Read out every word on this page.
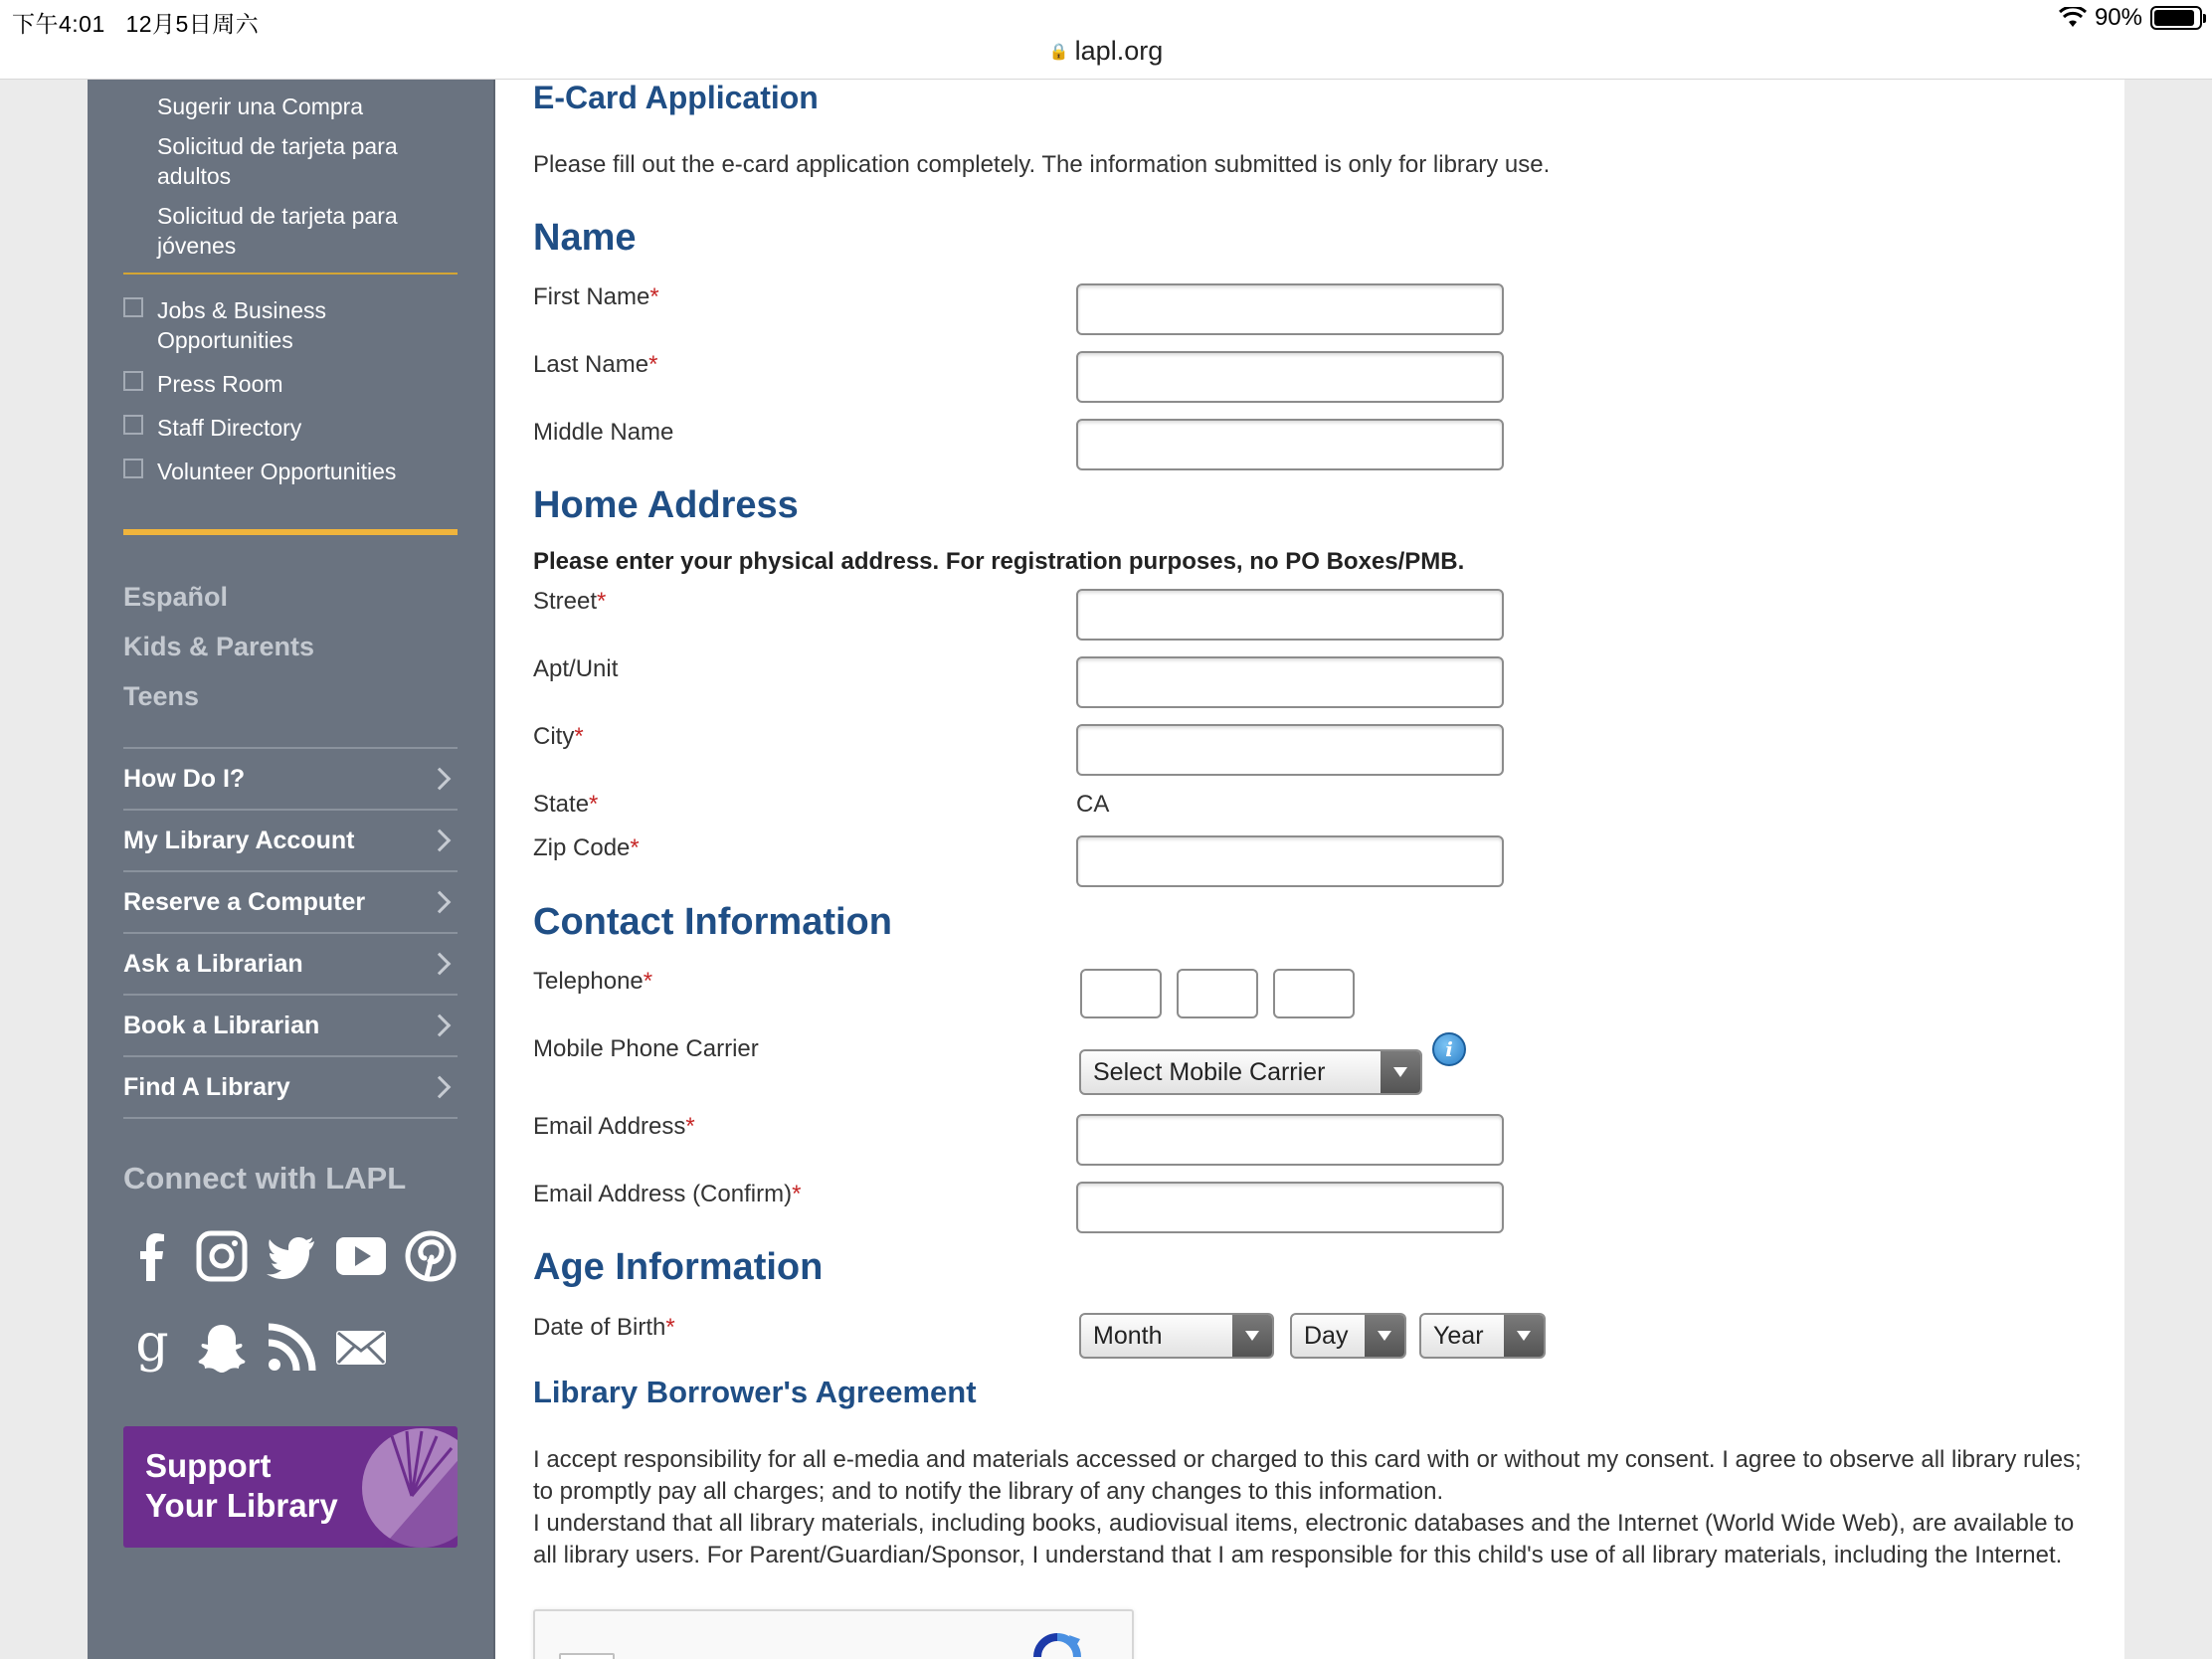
下午4:01 12月5日周六	90%
🔒 lapl.org
Sugerir una Compra
Solicitud de tarjeta para adultos
Solicitud de tarjeta para jóvenes
Jobs & Business Opportunities
Press Room
Staff Directory
Volunteer Opportunities
Español
Kids & Parents
Teens
How Do I?
My Library Account
Reserve a Computer
Ask a Librarian
Book a Librarian
Find A Library
Connect with LAPL
g
Support
Your Library
E-Card Application
Please fill out the e-card application completely. The information submitted is only for library use.
Name
First Name*
Last Name*
Middle Name
Home Address
Please enter your physical address. For registration purposes, no PO Boxes/PMB.
Street*
Apt/Unit
City*
State*	CA
Zip Code*
Contact Information
Telephone*
Mobile Phone Carrier
Select Mobile Carrier
i
Email Address*
Email Address (Confirm)*
Age Information
Date of Birth*	Month	Day	Year
Library Borrower's Agreement

I accept responsibility for all e-media and materials accessed or charged to this card with or without my consent. I agree to observe all library rules; to promptly pay all charges; and to notify the library of any changes to this information.

I understand that all library materials, including books, audiovisual items, electronic databases and the Internet (World Wide Web), are available to all library users. For Parent/Guardian/Sponsor, I understand that I am responsible for this child's use of all library materials, including the Internet.
